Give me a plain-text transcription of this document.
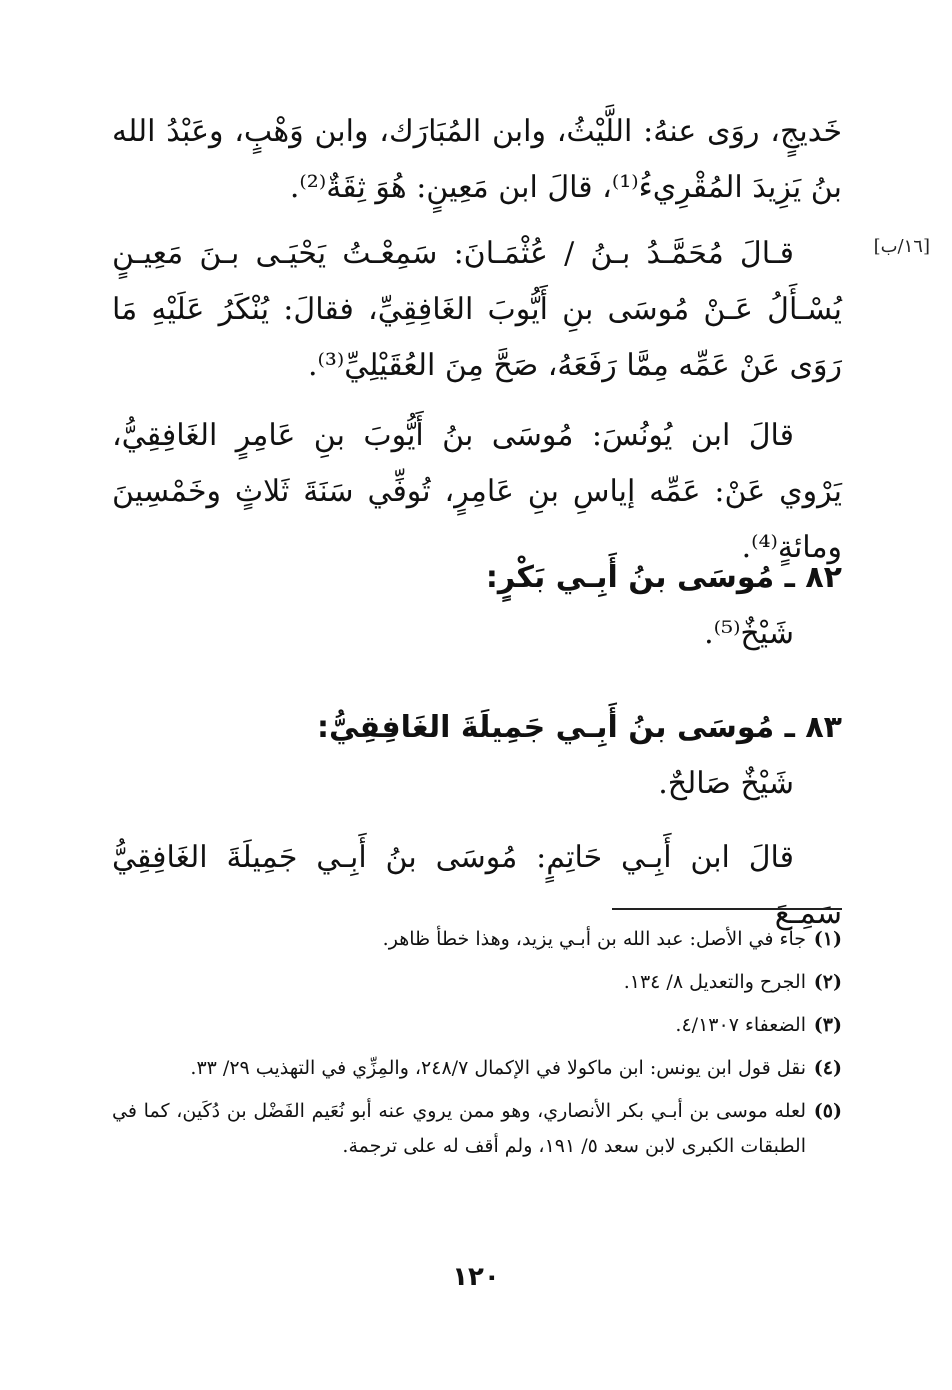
[١٦/ب]

خَديجٍ، روَى عنهُ: اللَّيْثُ، وابن المُبَارَك، وابن وَهْبٍ، وعَبْدُ الله بنُ يَزِيدَ المُقْرِيءُ⁽¹⁾، قالَ ابن مَعِينٍ: هُوَ ثِقَةٌ⁽²⁾.

قـالَ مُحَمَّـدُ بـنُ / عُثْمَـانَ: سَمِعْـتُ يَحْيَـى بـنَ مَعِيـنٍ يُسْـأَلُ عَـنْ مُوسَى بنِ أَيُّوبَ الغَافِقِيِّ، فقالَ: يُنْكَرُ عَلَيْهِ مَا رَوَى عَنْ عَمِّه مِمَّا رَفَعَهُ، صَحَّ مِنَ العُقَيْلِيِّ⁽³⁾.

قالَ ابن يُونُسَ: مُوسَى بنُ أَيُّوبَ بنِ عَامِرٍ الغَافِقِيُّ، يَرْوي عَنْ: عَمِّه إياسِ بنِ عَامِرٍ، تُوفِّي سَنَةَ ثَلاثٍ وخَمْسِينَ ومائةٍ⁽⁴⁾.

٨٢ ـ مُوسَى بنُ أَبِـي بَكْرٍ:

شَيْخٌ⁽⁵⁾.

٨٣ ـ مُوسَى بنُ أَبِـي جَمِيلَةَ الغَافِقِيُّ:

شَيْخٌ صَالحٌ.

قالَ ابن أَبِـي حَاتِمٍ: مُوسَى بنُ أَبِـي جَمِيلَةَ الغَافِقِيُّ سَمِـعَ

(١)
جاء في الأصل: عبد الله بن أبـي يزيد، وهذا خطأ ظاهر.
(٢)
الجرح والتعديل ٨/ ١٣٤.
(٣)
الضعفاء ٤/١٣٠٧.
(٤)
نقل قول ابن يونس: ابن ماكولا في الإكمال ٢٤٨/٧، والمِزِّي في التهذيب ٢٩/ ٣٣.
(٥)
لعله موسى بن أبـي بكر الأنصاري، وهو ممن يروي عنه أبو نُعَيم الفَضْل بن دُكَين، كما في الطبقات الكبرى لابن سعد ٥/ ١٩١، ولم أقف له على ترجمة.
١٢٠
